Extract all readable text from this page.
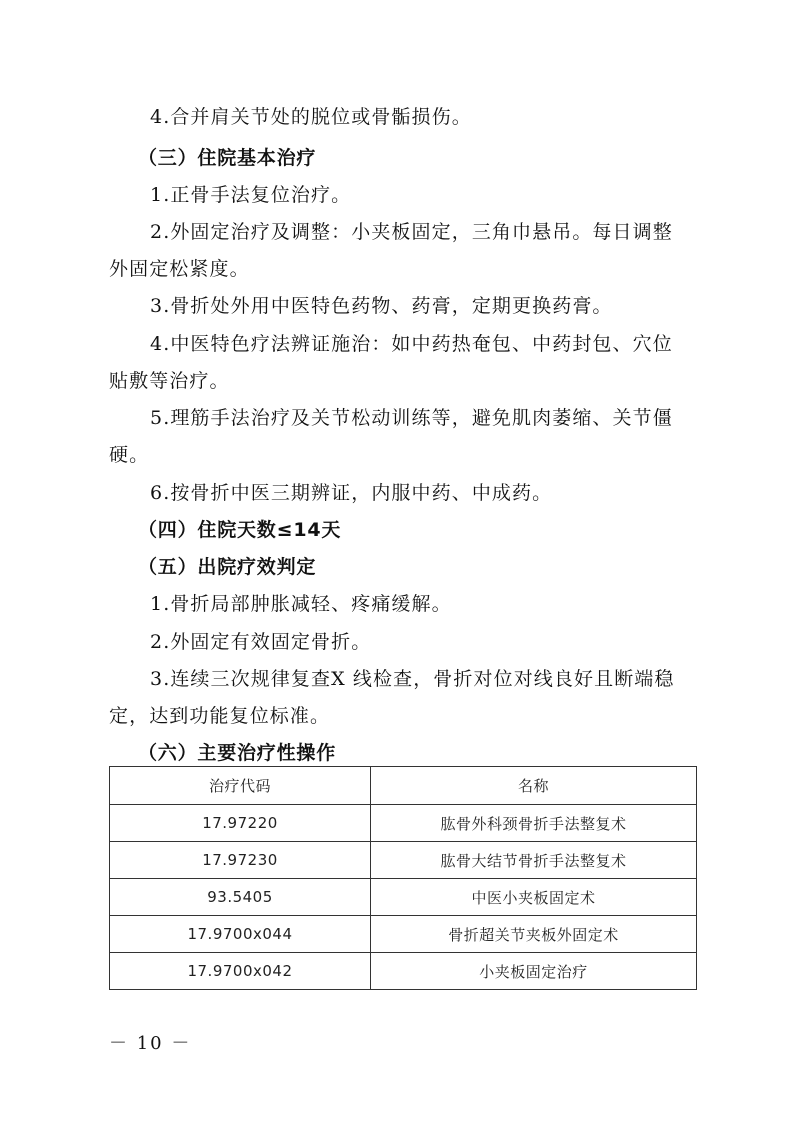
4.合并肩关节处的脱位或骨骺损伤。
（三）住院基本治疗
1.正骨手法复位治疗。
2.外固定治疗及调整：小夹板固定，三角巾悬吊。每日调整
外固定松紧度。
3.骨折处外用中医特色药物、药膏，定期更换药膏。
4.中医特色疗法辨证施治：如中药热奄包、中药封包、穴位
贴敷等治疗。
5.理筋手法治疗及关节松动训练等，避免肌肉萎缩、关节僵
硬。
6.按骨折中医三期辨证，内服中药、中成药。
（四）住院天数≤14天
（五）出院疗效判定
1.骨折局部肿胀减轻、疼痛缓解。
2.外固定有效固定骨折。
3.连续三次规律复查X 线检查，骨折对位对线良好且断端稳
定，达到功能复位标准。
（六）主要治疗性操作
治疗代码	名称
17.97220	肱骨外科颈骨折手法整复术
17.97230	肱骨大结节骨折手法整复术
93.5405	中医小夹板固定术
17.9700x044	骨折超关节夹板外固定术
17.9700x042	小夹板固定治疗
－ 10 －
